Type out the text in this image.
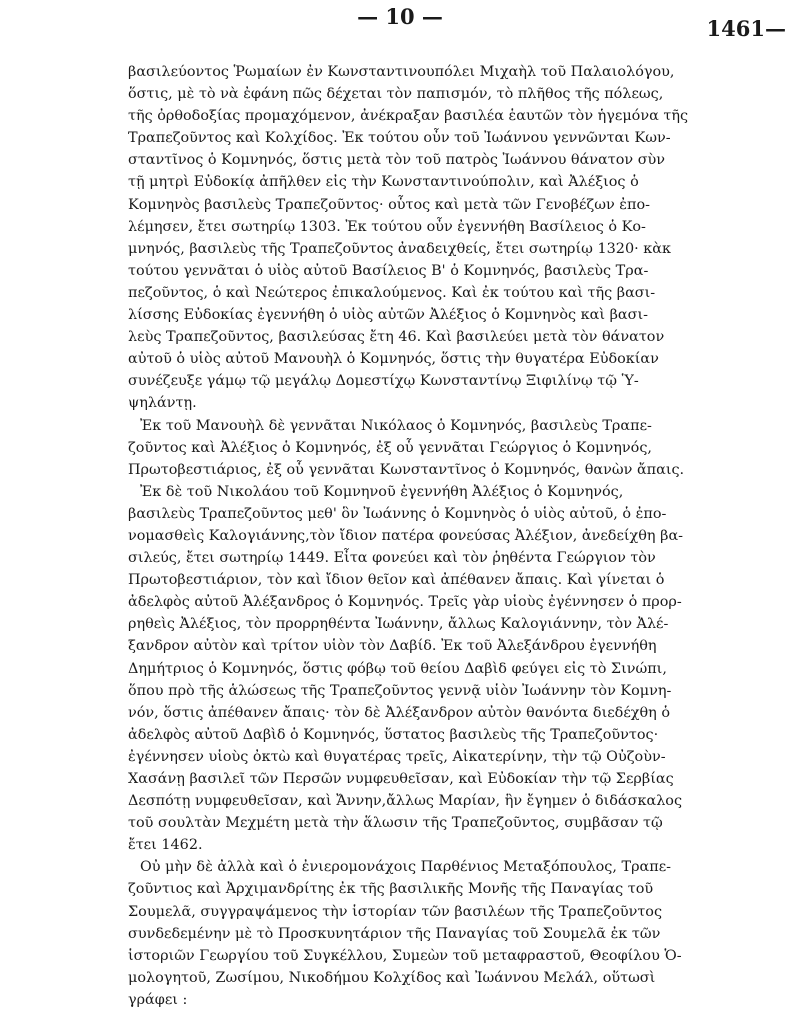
— 10 —	1461—

βασιλεύοντος Ῥωμαίων ἐν Κωνσταντινουπόλει Μιχαὴλ τοῦ Παλαιολόγου,
ὅστις, μὲ τὸ νὰ ἐφάνη πῶς δέχεται τὸν παπισμόν, τὸ πλῆθος τῆς πόλεως,
τῆς ὀρθοδοξίας προμαχόμενον, ἀνέκραξαν βασιλέα ἑαυτῶν τὸν ἡγεμόνα τῆς
Τραπεζοῦντος καὶ Κολχίδος. Ἐκ τούτου οὖν τοῦ Ἰωάννου γεννῶνται Κων-
σταντῖνος ὁ Κομνηνός, ὅστις μετὰ τὸν τοῦ πατρὸς Ἰωάννου θάνατον σὺν
τῇ μητρὶ Εὐδοκίᾳ ἀπῆλθεν εἰς τὴν Κωνσταντινούπολιν, καὶ Ἀλέξιος ὁ
Κομνηνὸς βασιλεὺς Τραπεζοῦντος· οὗτος καὶ μετὰ τῶν Γενοβέζων ἐπο-
λέμησεν, ἔτει σωτηρίῳ 1303. Ἐκ τούτου οὖν ἐγεννήθη Βασίλειος ὁ Κο-
μνηνός, βασιλεὺς τῆς Τραπεζοῦντος ἀναδειχθείς, ἔτει σωτηρίῳ 1320· κὰκ
τούτου γεννᾶται ὁ υἱὸς αὐτοῦ Βασίλειος Β' ὁ Κομνηνός, βασιλεὺς Τρα-
πεζοῦντος, ὁ καὶ Νεώτερος ἐπικαλούμενος. Καὶ ἐκ τούτου καὶ τῆς βασι-
λίσσης Εὐδοκίας ἐγεννήθη ὁ υἱὸς αὐτῶν Ἀλέξιος ὁ Κομνηνὸς καὶ βασι-
λεὺς Τραπεζοῦντος, βασιλεύσας ἔτη 46. Καὶ βασιλεύει μετὰ τὸν θάνατον
αὐτοῦ ὁ υἱὸς αὐτοῦ Μανουὴλ ὁ Κομνηνός, ὅστις τὴν θυγατέρα Εὐδοκίαν
συνέζευξε γάμῳ τῷ μεγάλῳ Δομεστίχῳ Κωνσταντίνῳ Ξιφιλίνῳ τῷ Ὑ-
ψηλάντῃ.

Ἐκ τοῦ Μανουὴλ δὲ γεννᾶται Νικόλαος ὁ Κομνηνός, βασιλεὺς Τραπε-
ζοῦντος καὶ Ἀλέξιος ὁ Κομνηνός, ἐξ οὗ γεννᾶται Γεώργιος ὁ Κομνηνός,
Πρωτοβεστιάριος, ἐξ οὗ γεννᾶται Κωνσταντῖνος ὁ Κομνηνός, θανὼν ἄπαις.

Ἐκ δὲ τοῦ Νικολάου τοῦ Κομνηνοῦ ἐγεννήθη Ἀλέξιος ὁ Κομνηνός,
βασιλεὺς Τραπεζοῦντος μεθ' ὃν Ἰωάννης ὁ Κομνηνὸς ὁ υἱὸς αὐτοῦ, ὁ ἐπο-
νομασθεὶς Καλογιάννης,τὸν ἴδιον πατέρα φονεύσας Ἀλέξιον, ἀνεδείχθη βα-
σιλεύς, ἔτει σωτηρίῳ 1449. Εἶτα φονεύει καὶ τὸν ῥηθέντα Γεώργιον τὸν
Πρωτοβεστιάριον, τὸν καὶ ἴδιον θεῖον καὶ ἀπέθανεν ἄπαις. Καὶ γίνεται ὁ
ἀδελφὸς αὐτοῦ Ἀλέξανδρος ὁ Κομνηνός. Τρεῖς γὰρ υἱοὺς ἐγέννησεν ὁ προρ-
ρηθεὶς Ἀλέξιος, τὸν προρρηθέντα Ἰωάννην, ἄλλως Καλογιάννην, τὸν Ἀλέ-
ξανδρον αὐτὸν καὶ τρίτον υἱὸν τὸν Δαβίδ. Ἐκ τοῦ Ἀλεξάνδρου ἐγεννήθη
Δημήτριος ὁ Κομνηνός, ὅστις φόβῳ τοῦ θείου Δαβὶδ φεύγει εἰς τὸ Σινώπι,
ὅπου πρὸ τῆς ἁλώσεως τῆς Τραπεζοῦντος γεννᾷ υἱὸν Ἰωάννην τὸν Κομνη-
νόν, ὅστις ἀπέθανεν ἄπαις· τὸν δὲ Ἀλέξανδρον αὐτὸν θανόντα διεδέχθη ὁ
ἀδελφὸς αὐτοῦ Δαβὶδ ὁ Κομνηνός, ὕστατος βασιλεὺς τῆς Τραπεζοῦντος·
ἐγέννησεν υἱοὺς ὀκτὼ καὶ θυγατέρας τρεῖς, Αἰκατερίνην, τὴν τῷ Οὐζοὺν-
Χασάνῃ βασιλεῖ τῶν Περσῶν νυμφευθεῖσαν, καὶ Εὐδοκίαν τὴν τῷ Σερβίας
Δεσπότῃ νυμφευθεῖσαν, καὶ Ἄννην,ἄλλως Μαρίαν, ἣν ἔγημεν ὁ διδάσκαλος
τοῦ σουλτὰν Μεχμέτη μετὰ τὴν ἅλωσιν τῆς Τραπεζοῦντος, συμβᾶσαν τῷ
ἔτει 1462.

Οὐ μὴν δὲ ἀλλὰ καὶ ὁ ἐνιερομονάχοις Παρθένιος Μεταξόπουλος, Τραπε-
ζοῦντιος καὶ Ἀρχιμανδρίτης ἐκ τῆς βασιλικῆς Μονῆς τῆς Παναγίας τοῦ
Σουμελᾶ, συγγραψάμενος τὴν ἱστορίαν τῶν βασιλέων τῆς Τραπεζοῦντος
συνδεδεμένην μὲ τὸ Προσκυνητάριον τῆς Παναγίας τοῦ Σουμελᾶ ἐκ τῶν
ἱστοριῶν Γεωργίου τοῦ Συγκέλλου, Συμεὼν τοῦ μεταφραστοῦ, Θεοφίλου Ὁ-
μολογητοῦ, Ζωσίμου, Νικοδήμου Κολχίδος καὶ Ἰωάννου Μελάλ, οὕτωσὶ
γράφει :
